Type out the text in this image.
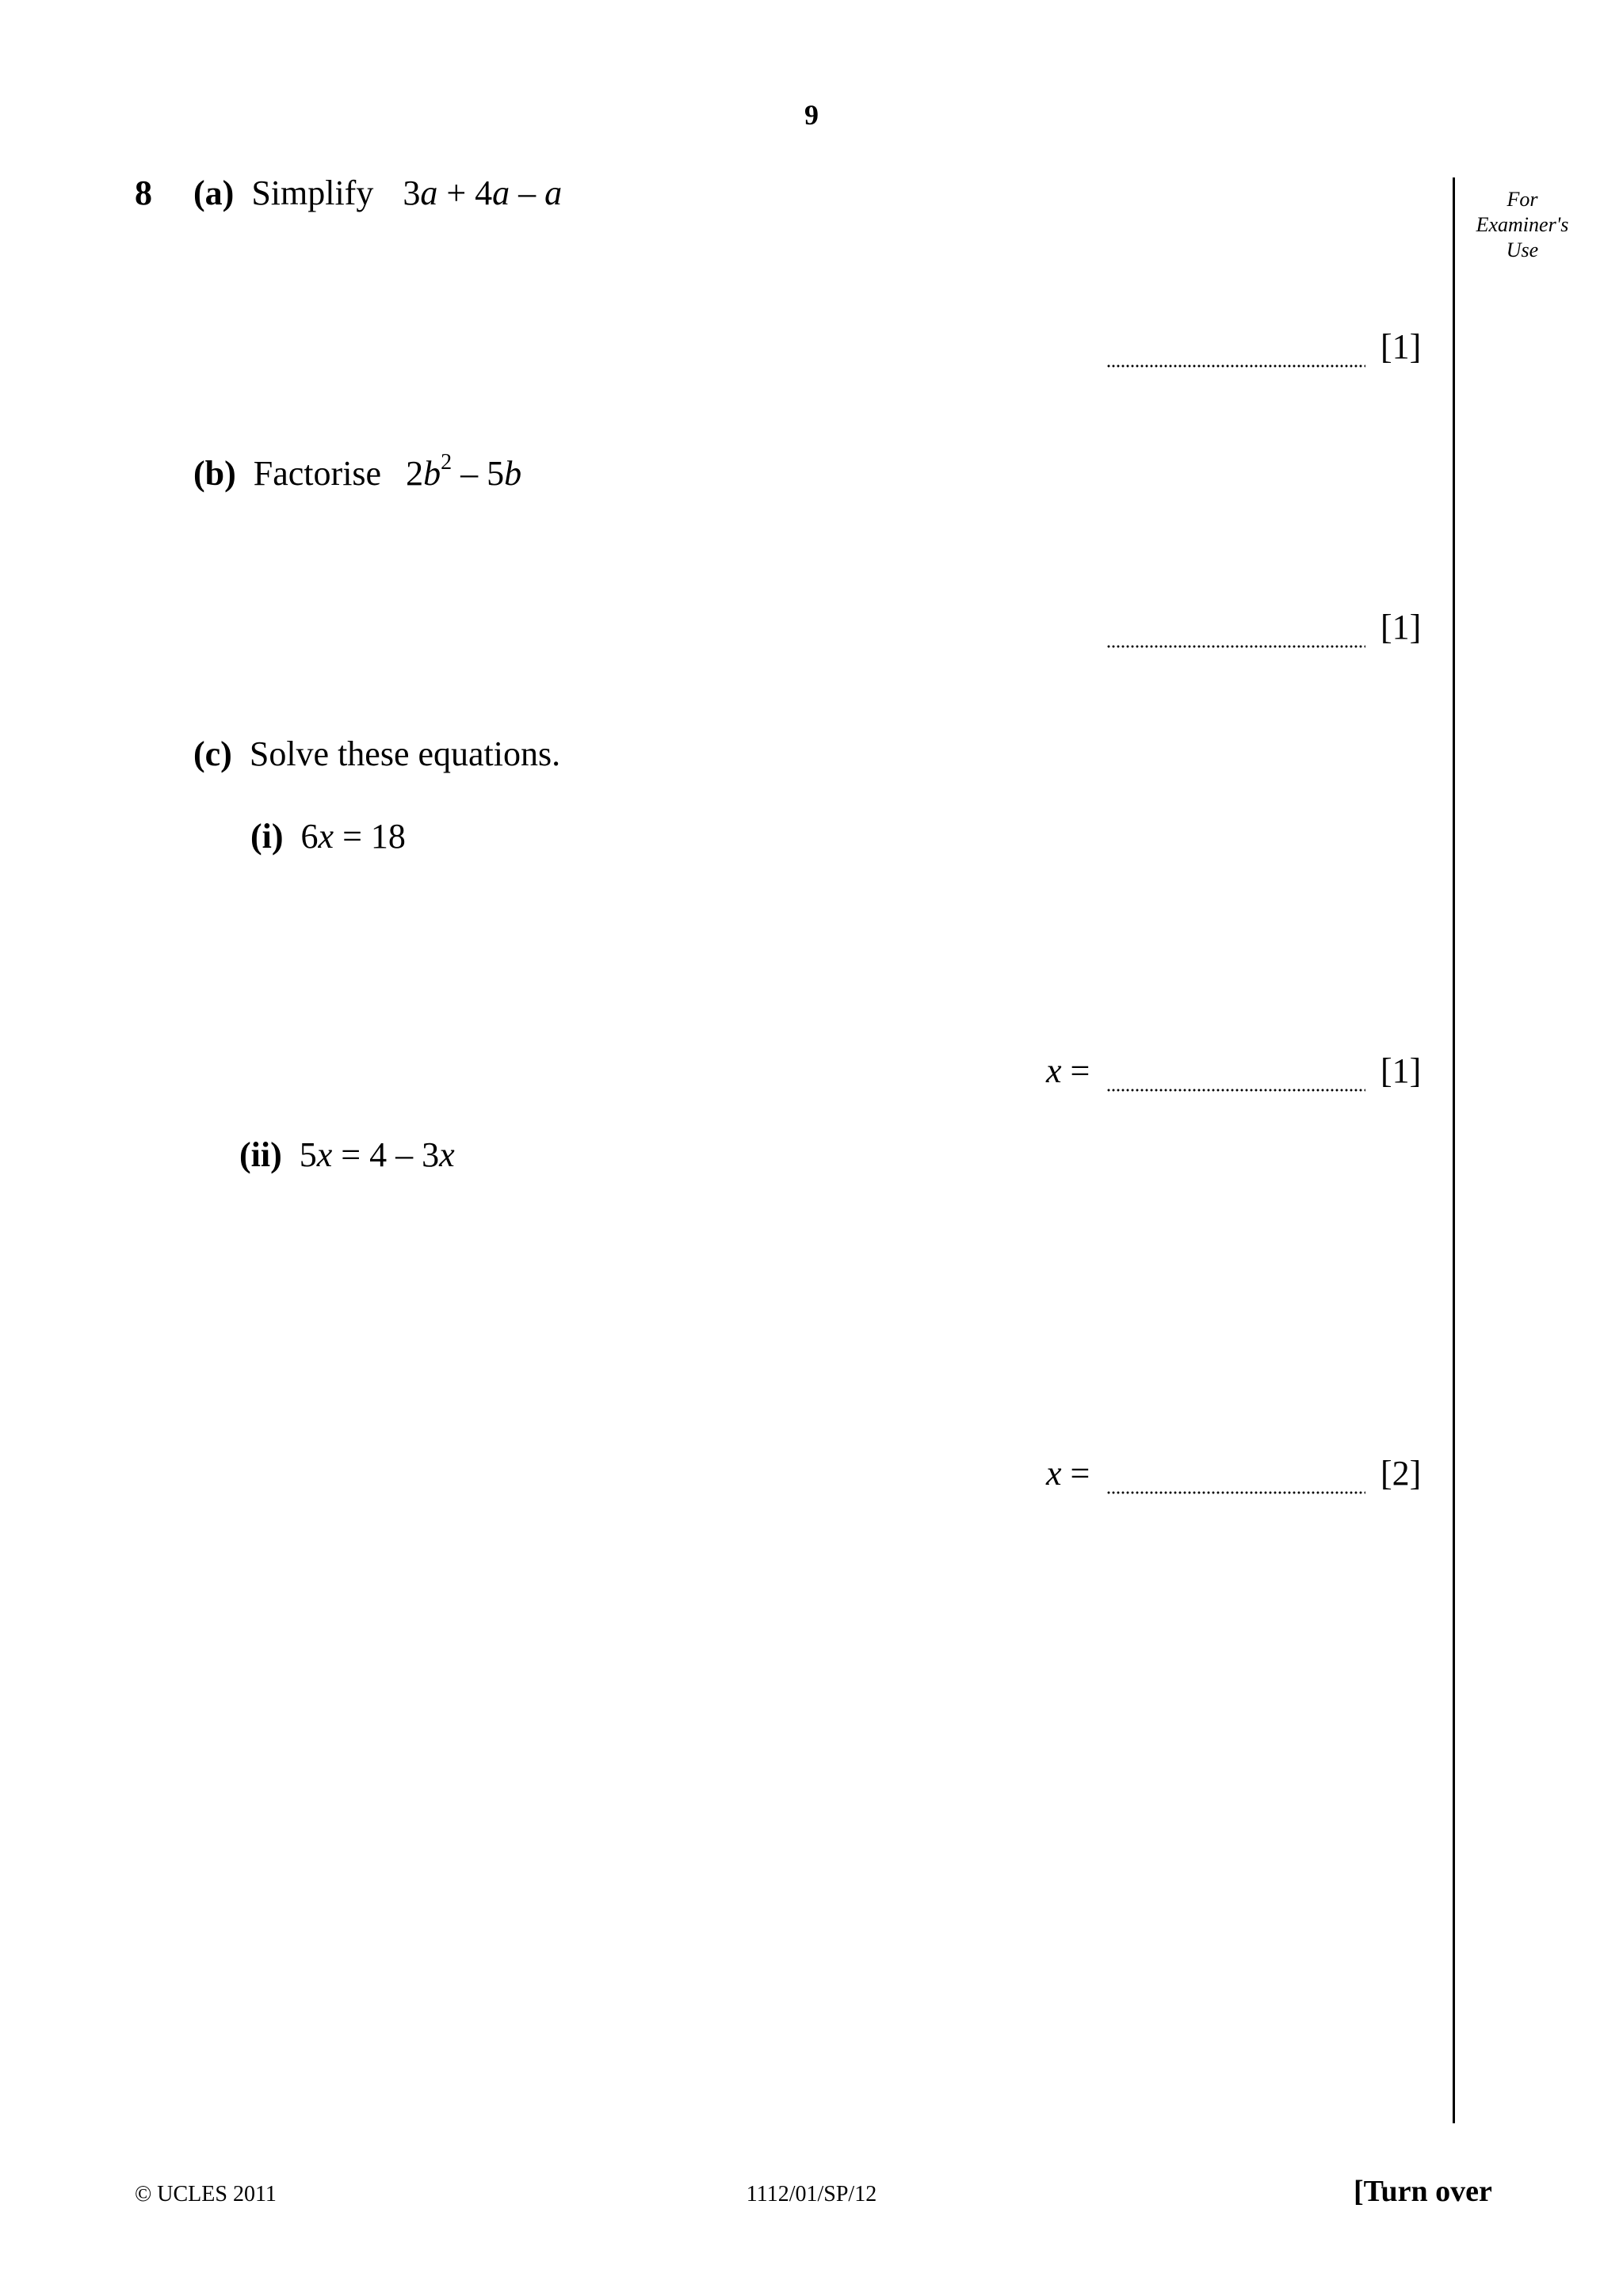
9
For
Examiner's
Use
8 (a) Simplify 3a + 4a – a
[1]
(b) Factorise $2b^2 - 5b$
[1]
(c) Solve these equations.
(i) 6x = 18
x =	[1]
(ii) 5x = 4 – 3x
x =	[2]
© UCLES 2011	1112/01/SP/12	[Turn over
